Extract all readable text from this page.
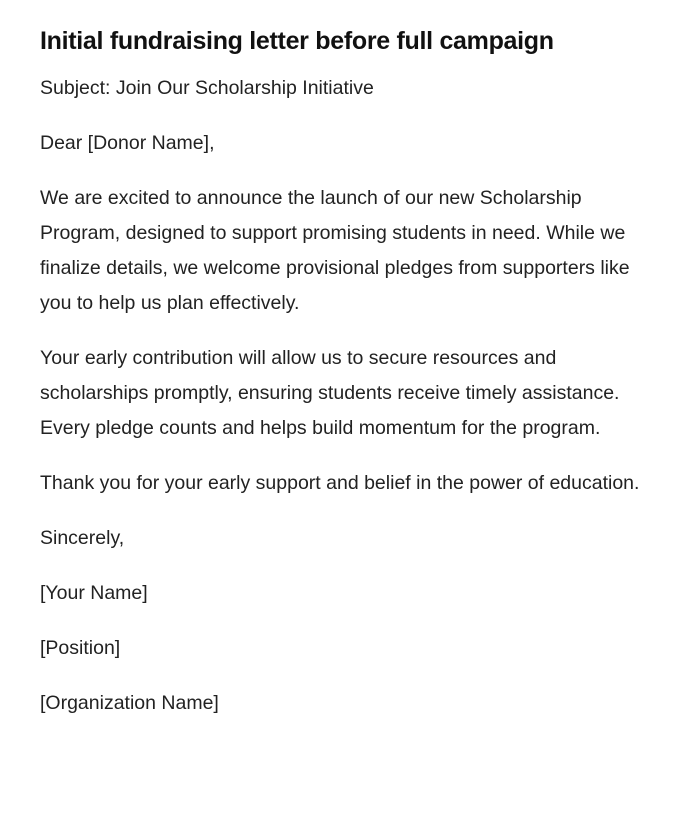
Initial fundraising letter before full campaign

Subject: Join Our Scholarship Initiative

Dear [Donor Name],

We are excited to announce the launch of our new Scholarship Program, designed to support promising students in need. While we finalize details, we welcome provisional pledges from supporters like you to help us plan effectively.

Your early contribution will allow us to secure resources and scholarships promptly, ensuring students receive timely assistance. Every pledge counts and helps build momentum for the program.

Thank you for your early support and belief in the power of education.

Sincerely,

[Your Name]

[Position]

[Organization Name]
